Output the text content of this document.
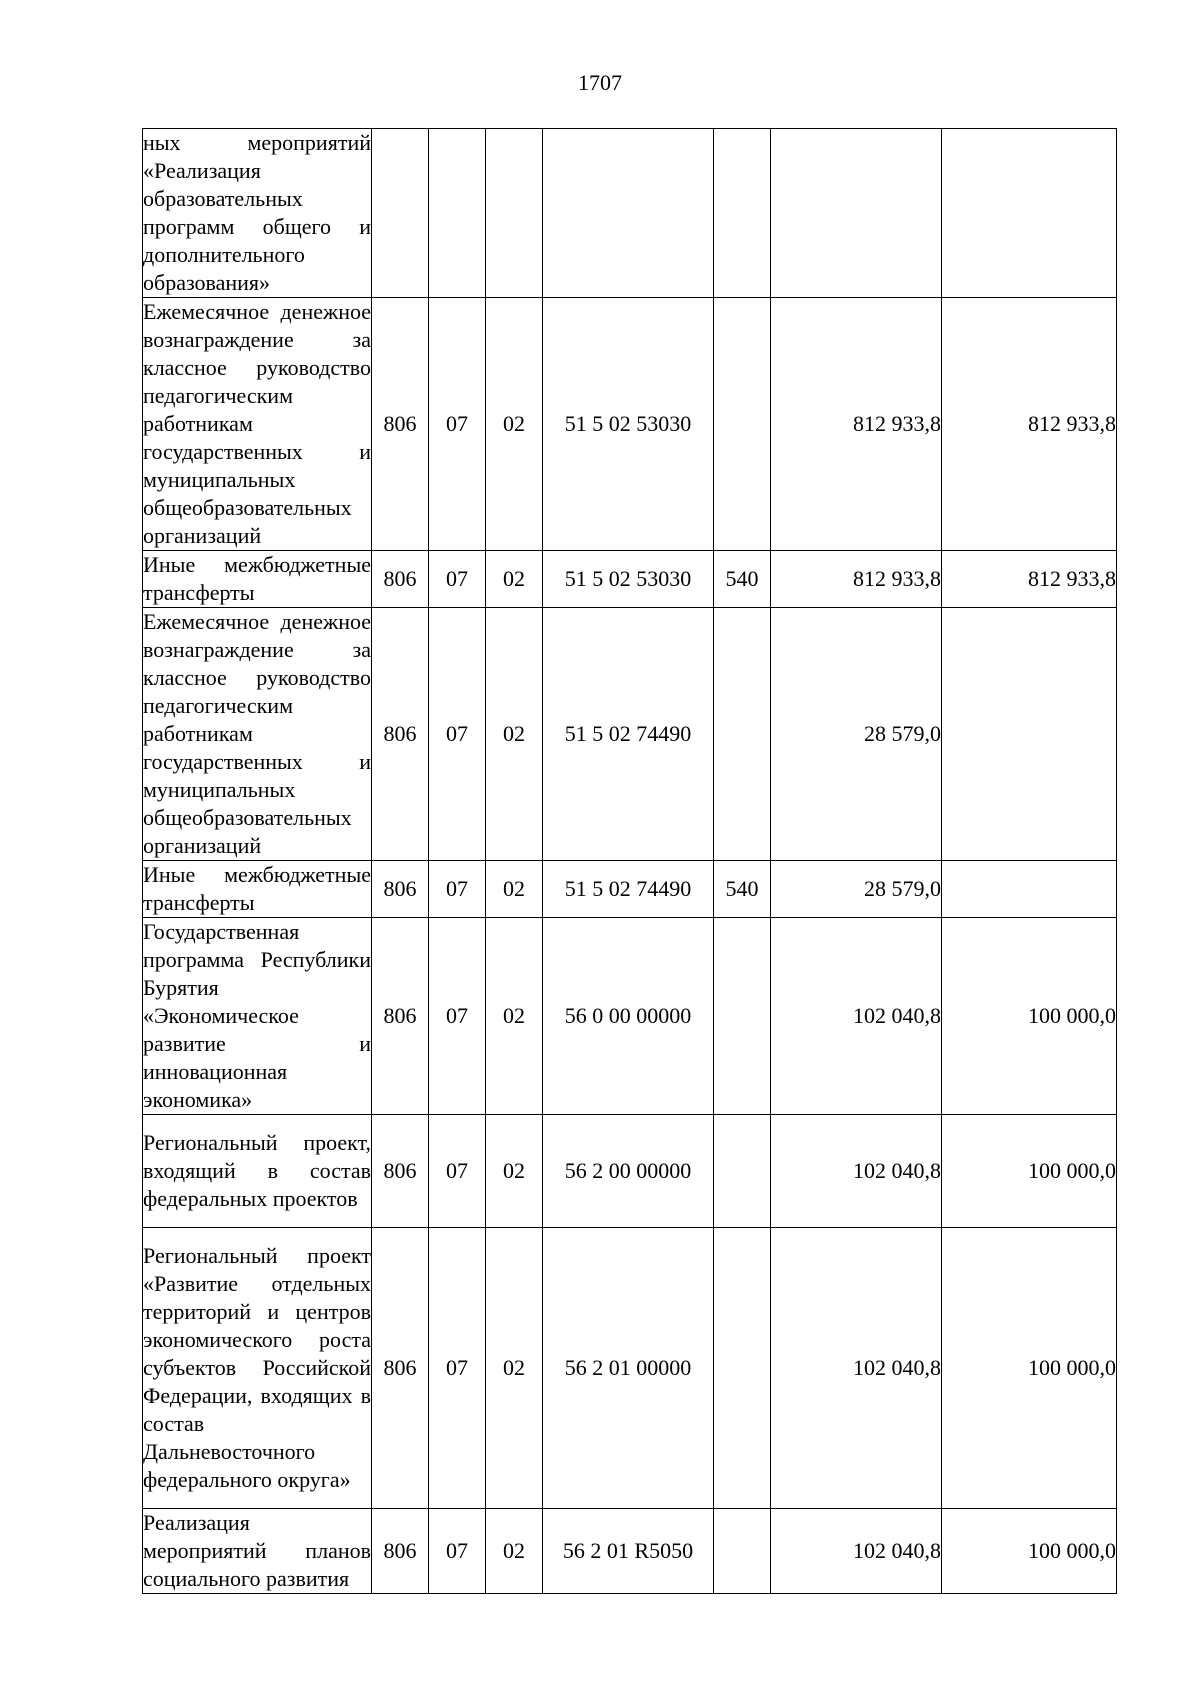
1707
ных мероприятий «Реализация образовательных программ общего и дополнительного образования»							
Ежемесячное денежное вознаграждение за классное руководство педагогическим работникам государственных и муниципальных общеобразовательных организаций	806	07	02	51 5 02 53030		812 933,8	812 933,8
Иные межбюджетные трансферты	806	07	02	51 5 02 53030	540	812 933,8	812 933,8
Ежемесячное денежное вознаграждение за классное руководство педагогическим работникам государственных и муниципальных общеобразовательных организаций	806	07	02	51 5 02 74490		28 579,0	
Иные межбюджетные трансферты	806	07	02	51 5 02 74490	540	28 579,0	
Государственная программа Республики Бурятия «Экономическое развитие и инновационная экономика»	806	07	02	56 0 00 00000		102 040,8	100 000,0
Региональный проект, входящий в состав федеральных проектов	806	07	02	56 2 00 00000		102 040,8	100 000,0
Региональный проект «Развитие отдельных территорий и центров экономического роста субъектов Российской Федерации, входящих в состав Дальневосточного федерального округа»	806	07	02	56 2 01 00000		102 040,8	100 000,0
Реализация мероприятий планов социального развития	806	07	02	56 2 01 R5050		102 040,8	100 000,0
